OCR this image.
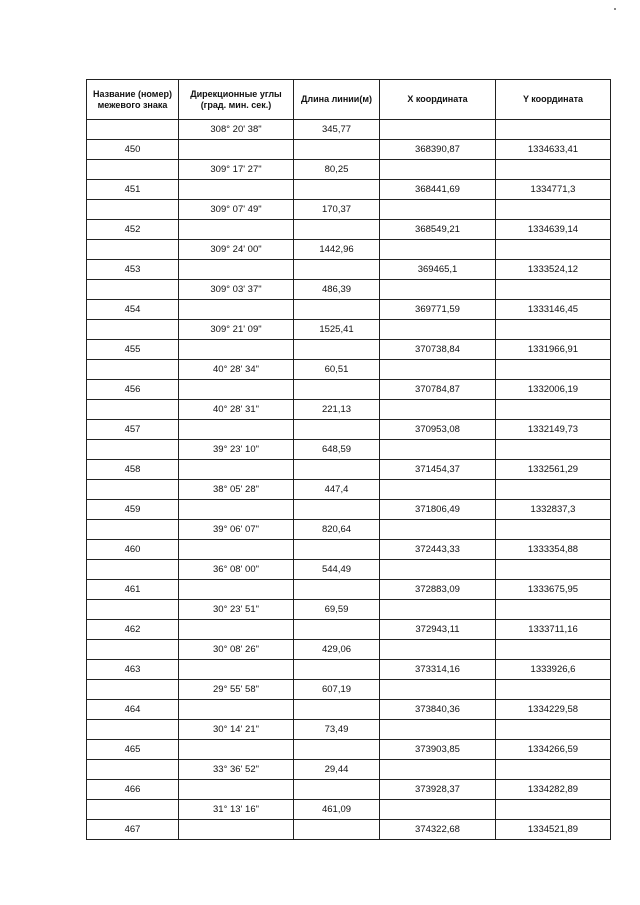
Название (номер) межевого знака	Дирекционные углы (град. мин. сек.)	Длина линии(м)	Х координата	Y координата
	308° 20' 38"	345,77		
450			368390,87	1334633,41
	309° 17' 27"	80,25		
451			368441,69	1334771,3
	309° 07' 49"	170,37		
452			368549,21	1334639,14
	309° 24' 00"	1442,96		
453			369465,1	1333524,12
	309° 03' 37"	486,39		
454			369771,59	1333146,45
	309° 21' 09"	1525,41		
455			370738,84	1331966,91
	40° 28' 34"	60,51		
456			370784,87	1332006,19
	40° 28' 31"	221,13		
457			370953,08	1332149,73
	39° 23' 10"	648,59		
458			371454,37	1332561,29
	38° 05' 28"	447,4		
459			371806,49	1332837,3
	39° 06' 07"	820,64		
460			372443,33	1333354,88
	36° 08' 00"	544,49		
461			372883,09	1333675,95
	30° 23' 51"	69,59		
462			372943,11	1333711,16
	30° 08' 26"	429,06		
463			373314,16	1333926,6
	29° 55' 58"	607,19		
464			373840,36	1334229,58
	30° 14' 21"	73,49		
465			373903,85	1334266,59
	33° 36' 52"	29,44		
466			373928,37	1334282,89
	31° 13' 16"	461,09		
467			374322,68	1334521,89
